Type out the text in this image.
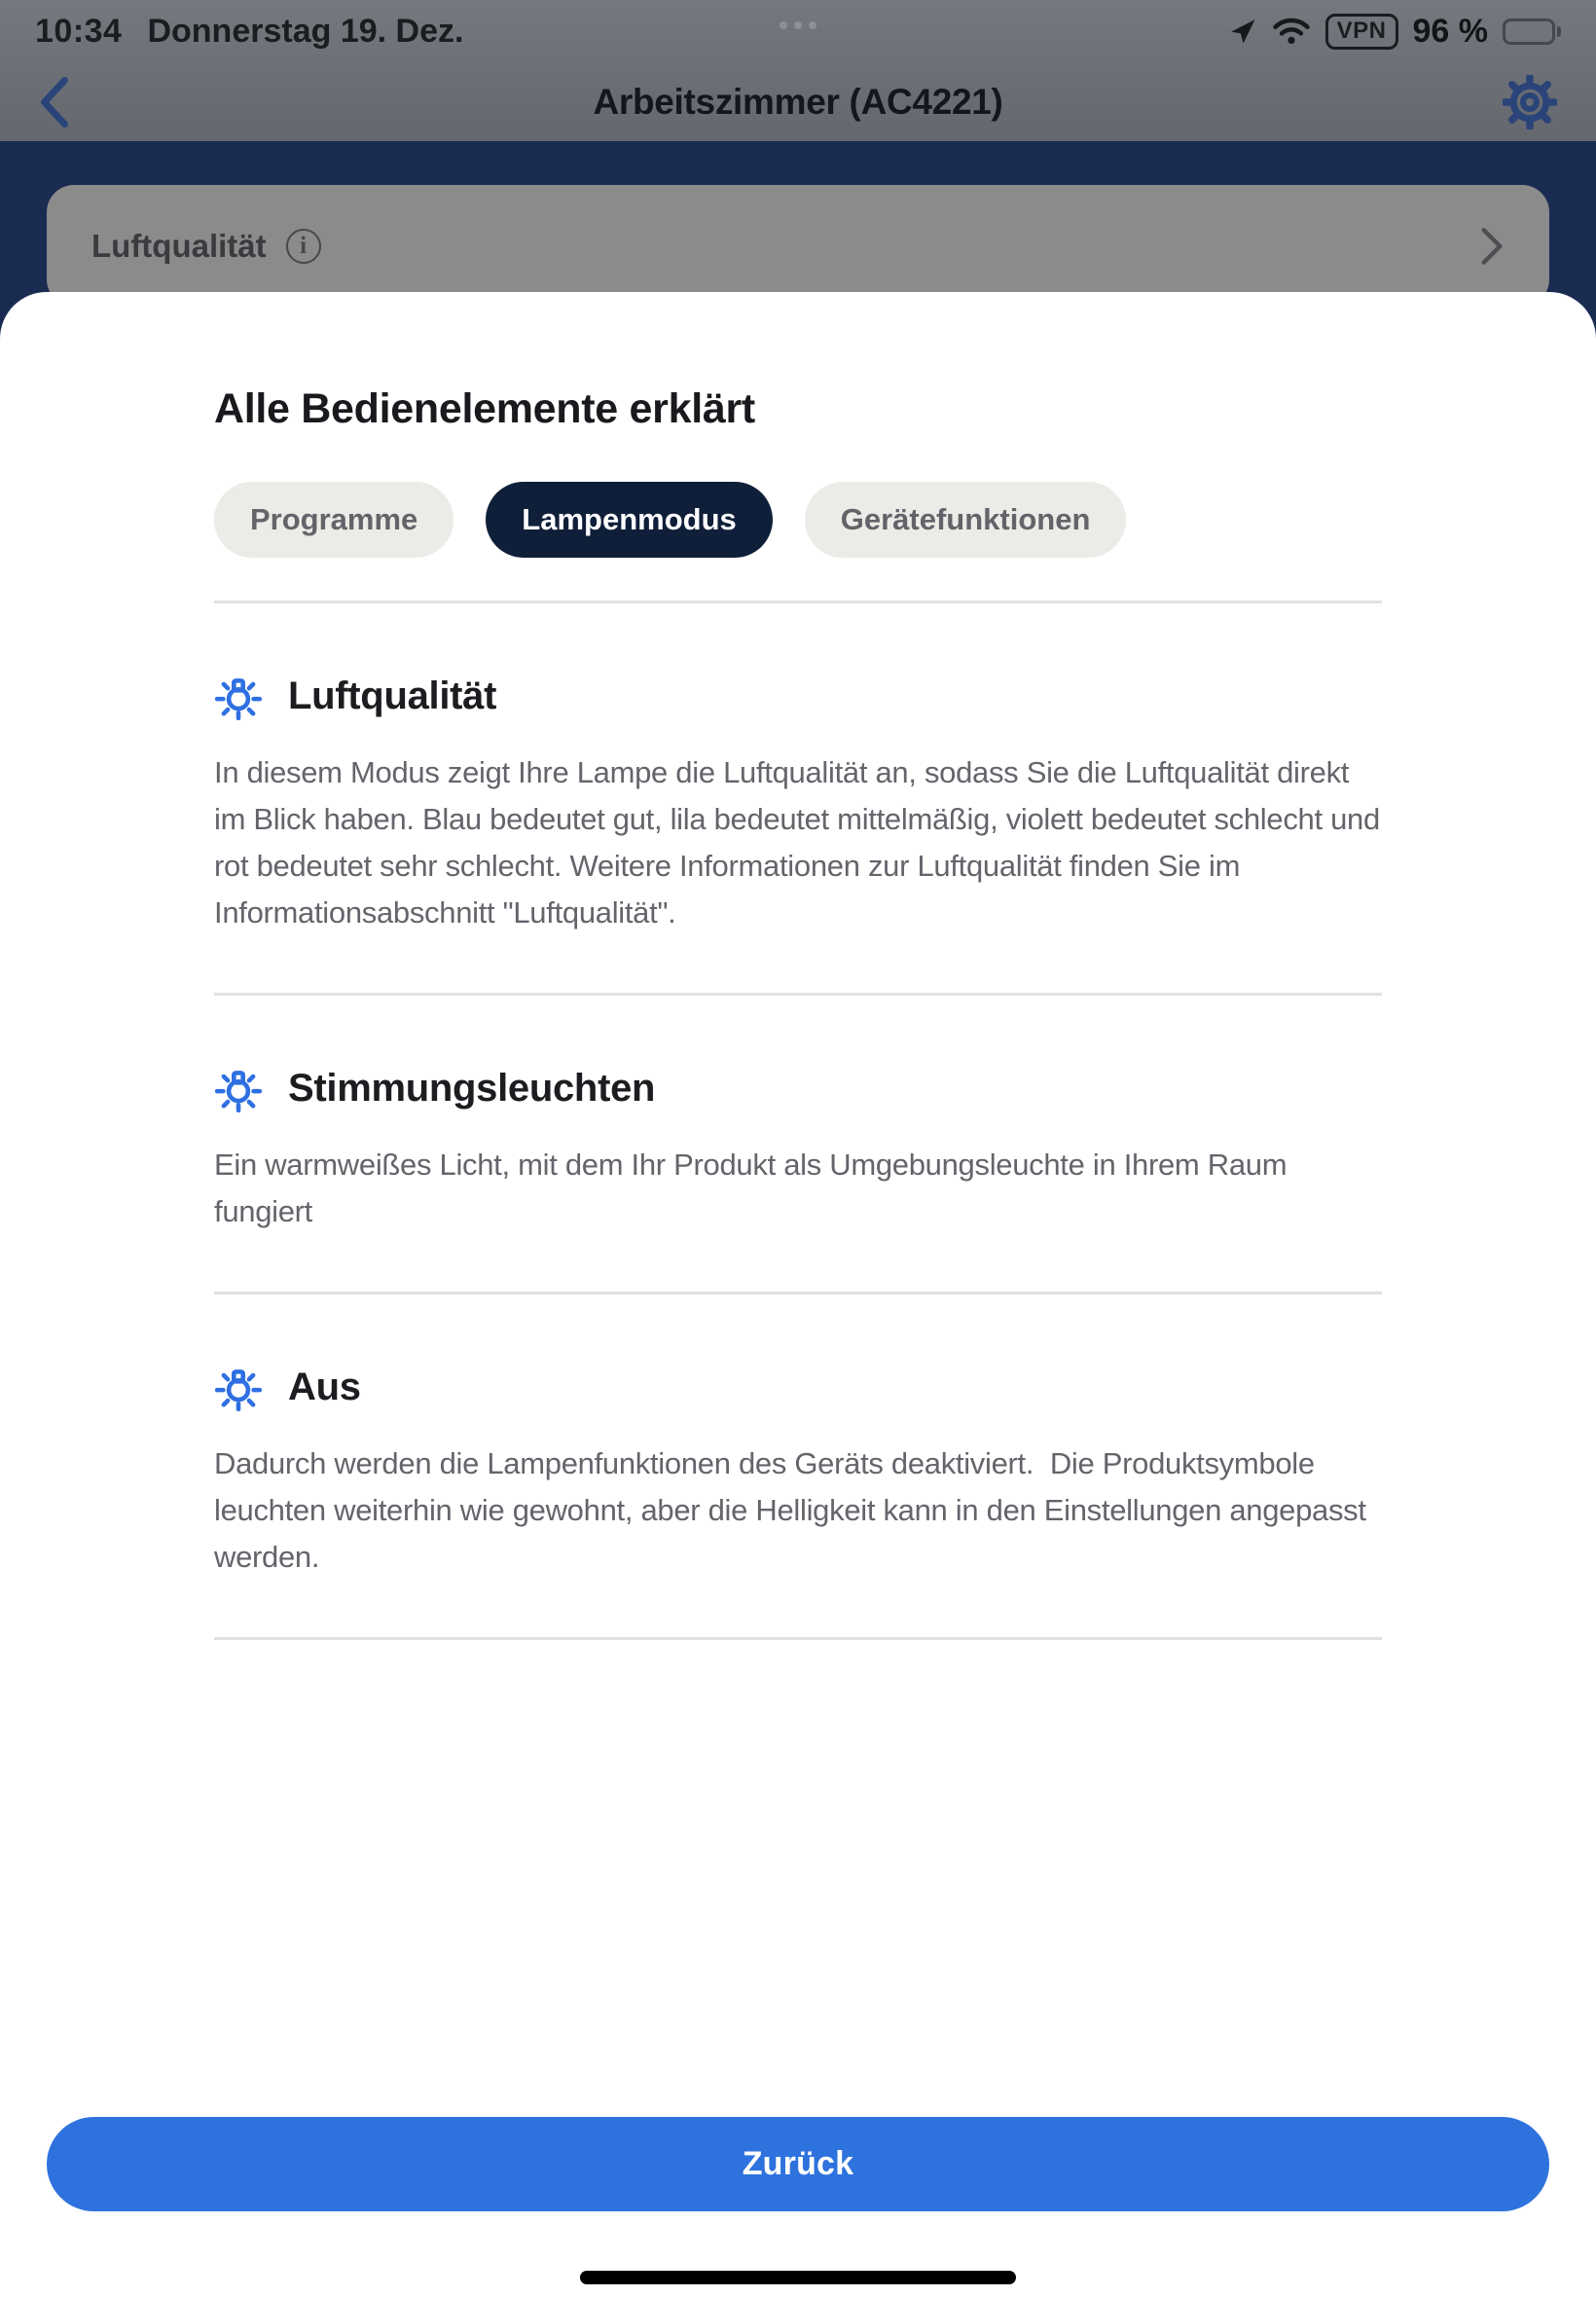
10:34 Donnerstag 19. Dez.	VPN 96 %
Arbeitszimmer (AC4221)
Luftqualität	i
Alle Bedienelemente erklärt
Programme	Lampenmodus	Gerätefunktionen
Luftqualität

In diesem Modus zeigt Ihre Lampe die Luftqualität an, sodass Sie die Luftqualität direkt im Blick haben. Blau bedeutet gut, lila bedeutet mittelmäßig, violett bedeutet schlecht und rot bedeutet sehr schlecht. Weitere Informationen zur Luftqualität finden Sie im Informationsabschnitt "Luftqualität".

Stimmungsleuchten

Ein warmweißes Licht, mit dem Ihr Produkt als Umgebungsleuchte in Ihrem Raum fungiert

Aus

Dadurch werden die Lampenfunktionen des Geräts deaktiviert.  Die Produktsymbole leuchten weiterhin wie gewohnt, aber die Helligkeit kann in den Einstellungen angepasst werden.

Zurück
